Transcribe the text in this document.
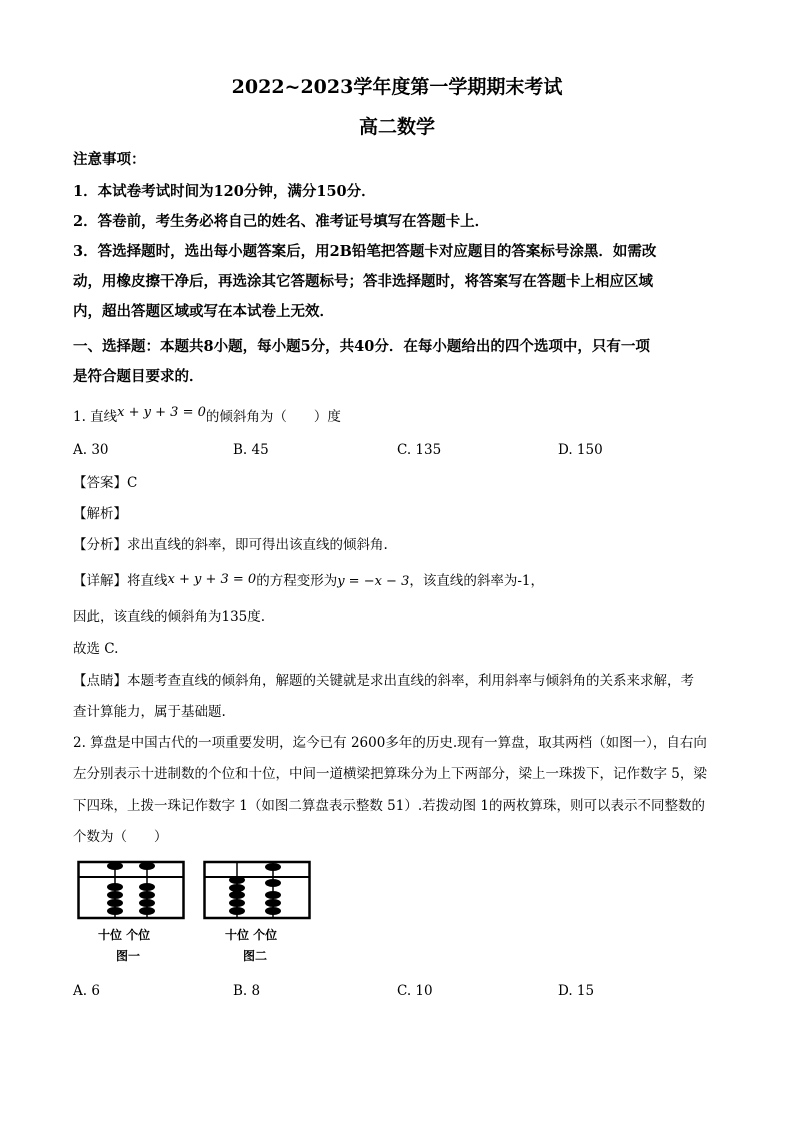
2022~2023学年度第一学期期末考试
高二数学
注意事项：
1．本试卷考试时间为120分钟，满分150分．
2．答卷前，考生务必将自己的姓名、准考证号填写在答题卡上．
3．答选择题时，选出每小题答案后，用2B铅笔把答题卡对应题目的答案标号涂黑．如需改
动，用橡皮擦干净后，再选涂其它答题标号；答非选择题时，将答案写在答题卡上相应区域
内，超出答题区域或写在本试卷上无效．
一、选择题：本题共8小题，每小题5分，共40分．在每小题给出的四个选项中，只有一项
是符合题目要求的．
1. 直线x + y + 3 = 0的倾斜角为（　　）度
A. 30	B. 45	C. 135	D. 150
【答案】C
【解析】
【分析】求出直线的斜率，即可得出该直线的倾斜角.
【详解】将直线x + y + 3 = 0的方程变形为y = −x − 3，该直线的斜率为-1，
因此，该直线的倾斜角为135度.
故选 C.
【点睛】本题考查直线的倾斜角，解题的关键就是求出直线的斜率，利用斜率与倾斜角的关系来求解，考
查计算能力，属于基础题.
2. 算盘是中国古代的一项重要发明，迄今已有 2600多年的历史.现有一算盘，取其两档（如图一），自右向
左分别表示十进制数的个位和十位，中间一道横梁把算珠分为上下两部分，梁上一珠拨下，记作数字 5，梁
下四珠，上拨一珠记作数字 1（如图二算盘表示整数 51）.若拨动图 1的两枚算珠，则可以表示不同整数的
个数为（　　）
十位 个位
图一
十位 个位
图二
A. 6	B. 8	C. 10	D. 15
